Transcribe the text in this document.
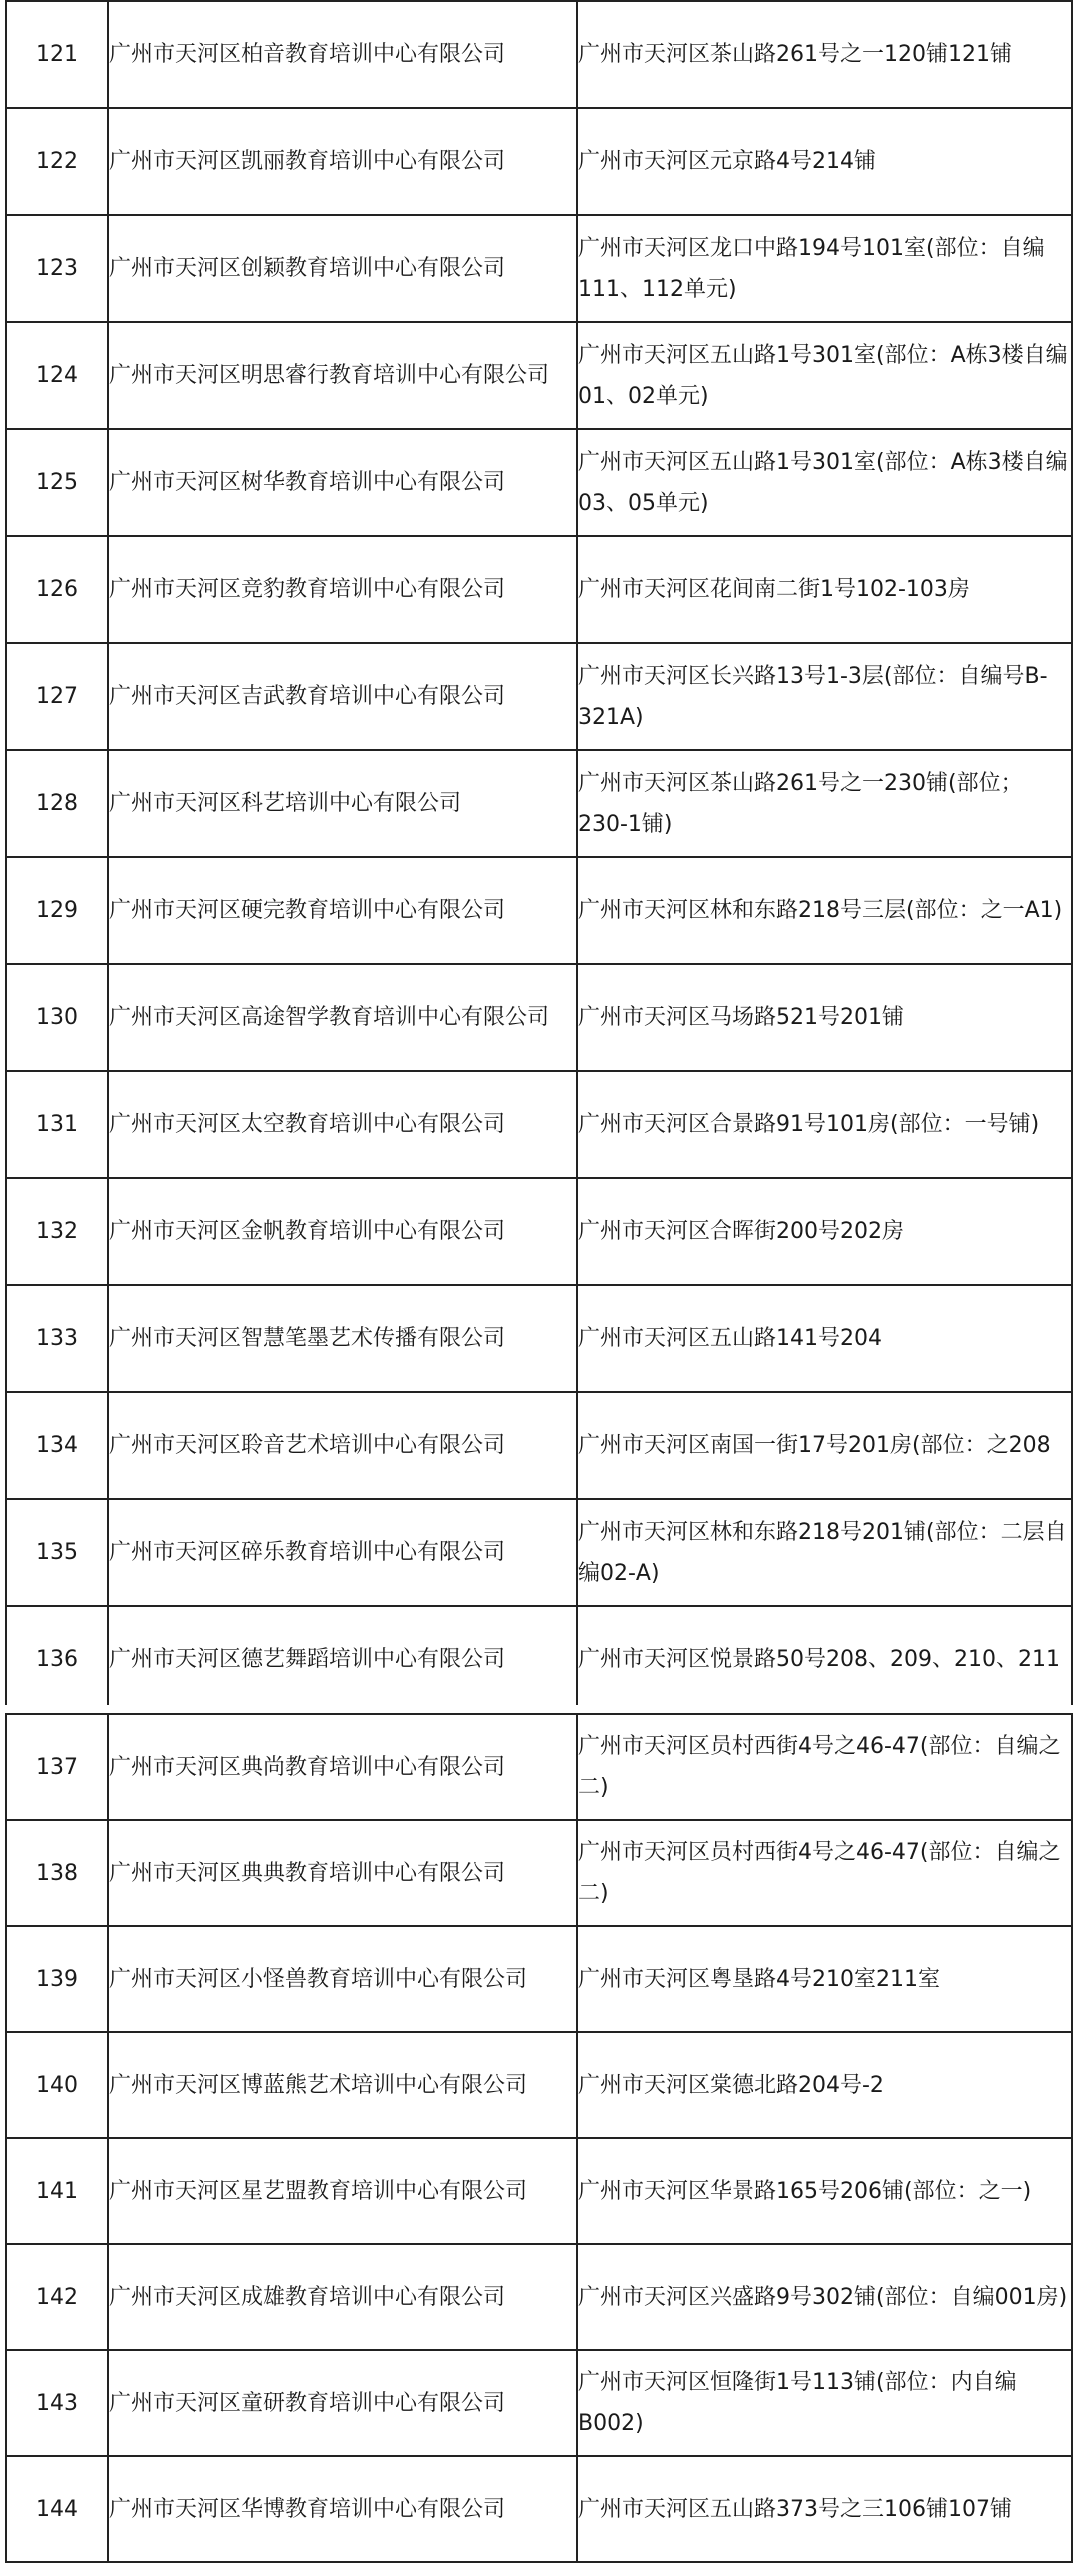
121	广州市天河区柏音教育培训中心有限公司	广州市天河区茶山路261号之一120铺121铺
122	广州市天河区凯丽教育培训中心有限公司	广州市天河区元京路4号214铺
123	广州市天河区创颖教育培训中心有限公司	广州市天河区龙口中路194号101室(部位：自编111、112单元)
124	广州市天河区明思睿行教育培训中心有限公司	广州市天河区五山路1号301室(部位：A栋3楼自编01、02单元)
125	广州市天河区树华教育培训中心有限公司	广州市天河区五山路1号301室(部位：A栋3楼自编03、05单元)
126	广州市天河区竞豹教育培训中心有限公司	广州市天河区花间南二街1号102-103房
127	广州市天河区吉武教育培训中心有限公司	广州市天河区长兴路13号1-3层(部位：自编号B-321A)
128	广州市天河区科艺培训中心有限公司	广州市天河区茶山路261号之一230铺(部位；230-1铺)
129	广州市天河区硬完教育培训中心有限公司	广州市天河区林和东路218号三层(部位：之一A1)
130	广州市天河区高途智学教育培训中心有限公司	广州市天河区马场路521号201铺
131	广州市天河区太空教育培训中心有限公司	广州市天河区合景路91号101房(部位：一号铺)
132	广州市天河区金帆教育培训中心有限公司	广州市天河区合晖街200号202房
133	广州市天河区智慧笔墨艺术传播有限公司	广州市天河区五山路141号204
134	广州市天河区聆音艺术培训中心有限公司	广州市天河区南国一街17号201房(部位：之208
135	广州市天河区碎乐教育培训中心有限公司	广州市天河区林和东路218号201铺(部位：二层自编02-A)
136	广州市天河区德艺舞蹈培训中心有限公司	广州市天河区悦景路50号208、209、210、211
137	广州市天河区典尚教育培训中心有限公司	广州市天河区员村西街4号之46-47(部位：自编之二)
138	广州市天河区典典教育培训中心有限公司	广州市天河区员村西街4号之46-47(部位：自编之二)
139	广州市天河区小怪兽教育培训中心有限公司	广州市天河区粤垦路4号210室211室
140	广州市天河区博蓝熊艺术培训中心有限公司	广州市天河区棠德北路204号-2
141	广州市天河区星艺盟教育培训中心有限公司	广州市天河区华景路165号206铺(部位：之一)
142	广州市天河区成雄教育培训中心有限公司	广州市天河区兴盛路9号302铺(部位：自编001房)
143	广州市天河区童研教育培训中心有限公司	广州市天河区恒隆街1号113铺(部位：内自编B002)
144	广州市天河区华博教育培训中心有限公司	广州市天河区五山路373号之三106铺107铺
